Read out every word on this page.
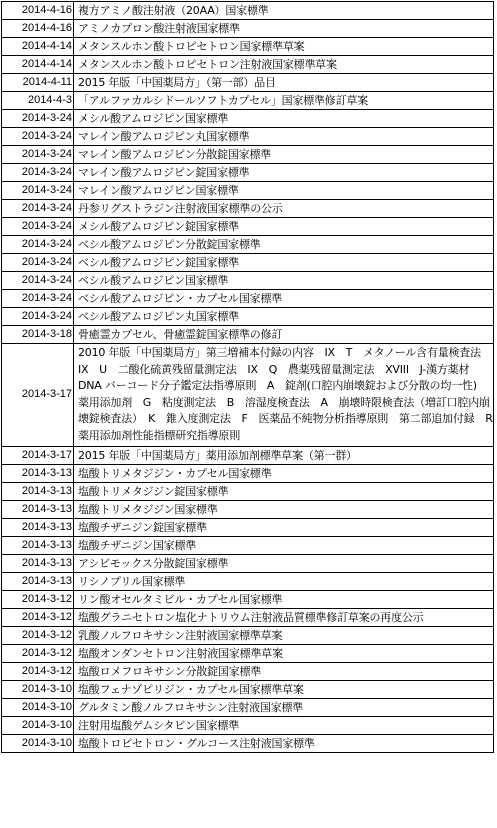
2014-4-16	複方アミノ酸注射液（20AA）国家標準
2014-4-16	アミノカプロン酸注射液国家標準
2014-4-14	メタンスルホン酸トロピセトロン国家標準草案
2014-4-14	メタンスルホン酸トロピセトロン注射液国家標準草案
2014-4-11	2015 年版「中国薬局方」（第一部）品目
2014-4-3	「アルファカルシドールソフトカプセル」国家標準修訂草案
2014-3-24	メシル酸アムロジピン国家標準
2014-3-24	マレイン酸アムロジピン丸国家標準
2014-3-24	マレイン酸アムロジピン分散錠国家標準
2014-3-24	マレイン酸アムロジピン錠国家標準
2014-3-24	マレイン酸アムロジピン国家標準
2014-3-24	丹参リグストラジン注射液国家標準の公示
2014-3-24	メシル酸アムロジピン錠国家標準
2014-3-24	ベシル酸アムロジピン分散錠国家標準
2014-3-24	ベシル酸アムロジピン錠国家標準
2014-3-24	ベシル酸アムロジピン国家標準
2014-3-24	ベシル酸アムロジピン・カプセル国家標準
2014-3-24	ベシル酸アムロジピン丸国家標準
2014-3-18	骨癒霊カプセル、骨癒霊錠国家標準の修訂
2014-3-17	2010 年版「中国薬局方」第三増補本付録の内容　IX　T　メタノール含有量検査法　IX　U　二酸化硫黄残留量測定法　IX　Q　農薬残留量測定法　XVIII　J-漢方薬材 DNA バーコード分子鑑定法指導原則　A　錠剤(口腔内崩壊錠および分散の均一性)　薬用添加剤　G　粘度測定法　B　溶湿度検査法　A　崩壊時限検査法（増訂口腔内崩壊錠検査法）　K　錐入度測定法　F　医薬品不純物分析指導原則　第二部追加付録　R　薬用添加剤性能指標研究指導原則
2014-3-17	2015 年版「中国薬局方」薬用添加剤標準草案（第一群）
2014-3-13	塩酸トリメタジジン・カプセル国家標準
2014-3-13	塩酸トリメタジジン錠国家標準
2014-3-13	塩酸トリメタジジン国家標準
2014-3-13	塩酸チザニジン錠国家標準
2014-3-13	塩酸チザニジン国家標準
2014-3-13	アシビモックス分散錠国家標準
2014-3-13	リシノプリル国家標準
2014-3-12	リン酸オセルタミビル・カプセル国家標準
2014-3-12	塩酸グラニセトロン塩化ナトリウム注射液品質標準修訂草案の再度公示
2014-3-12	乳酸ノルフロキサシン注射液国家標準草案
2014-3-12	塩酸オンダンセトロン注射液国家標準草案
2014-3-12	塩酸ロメフロキサシン分散錠国家標準
2014-3-10	塩酸フェナゾピリジン・カプセル国家標準草案
2014-3-10	グルタミン酸ノルフロキサシン注射液国家標準
2014-3-10	注射用塩酸ゲムシタビン国家標準
2014-3-10	塩酸トロピセトロン・グルコース注射液国家標準
